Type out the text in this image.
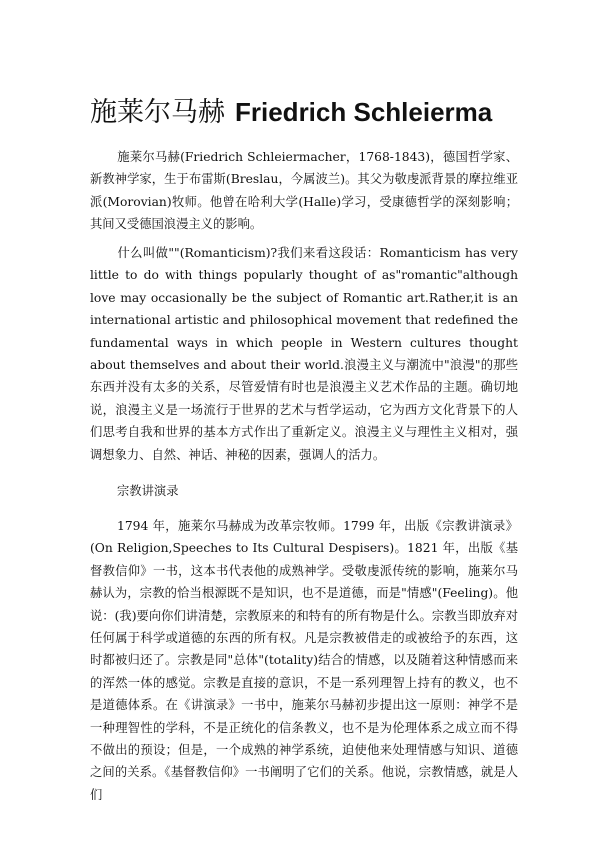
施莱尔马赫 Friedrich Schleierma

施莱尔马赫(Friedrich Schleiermacher，1768-1843)，德国哲学家、新教神学家，生于布雷斯(Breslau，今属波兰)。其父为敬虔派背景的摩拉维亚派(Morovian)牧师。他曾在哈利大学(Halle)学习，受康德哲学的深刻影响；其间又受德国浪漫主义的影响。

什么叫做""(Romanticism)?我们来看这段话：Romanticism has very little to do with things popularly thought of as"romantic"although love may occasionally be the subject of Romantic art.Rather,it is an international artistic and philosophical movement that redefined the fundamental ways in which people in Western cultures thought about themselves and about their world.浪漫主义与潮流中"浪漫"的那些东西并没有太多的关系，尽管爱情有时也是浪漫主义艺术作品的主题。确切地说，浪漫主义是一场流行于世界的艺术与哲学运动，它为西方文化背景下的人们思考自我和世界的基本方式作出了重新定义。浪漫主义与理性主义相对，强调想象力、自然、神话、神秘的因素，强调人的活力。

宗教讲演录

1794 年，施莱尔马赫成为改革宗牧师。1799 年，出版《宗教讲演录》(On Religion,Speeches to Its Cultural Despisers)。1821 年，出版《基督教信仰》一书，这本书代表他的成熟神学。受敬虔派传统的影响，施莱尔马赫认为，宗教的恰当根源既不是知识，也不是道德，而是"情感"(Feeling)。他说：(我)要向你们讲清楚，宗教原来的和特有的所有物是什么。宗教当即放弃对任何属于科学或道德的东西的所有权。凡是宗教被借走的或被给予的东西，这时都被归还了。宗教是同"总体"(totality)结合的情感，以及随着这种情感而来的浑然一体的感觉。宗教是直接的意识，不是一系列理智上持有的教义，也不是道德体系。在《讲演录》一书中，施莱尔马赫初步提出这一原则：神学不是一种理智性的学科，不是正统化的信条教义，也不是为伦理体系之成立而不得不做出的预设；但是，一个成熟的神学系统，迫使他来处理情感与知识、道德之间的关系。《基督教信仰》一书阐明了它们的关系。他说，宗教情感，就是人们
